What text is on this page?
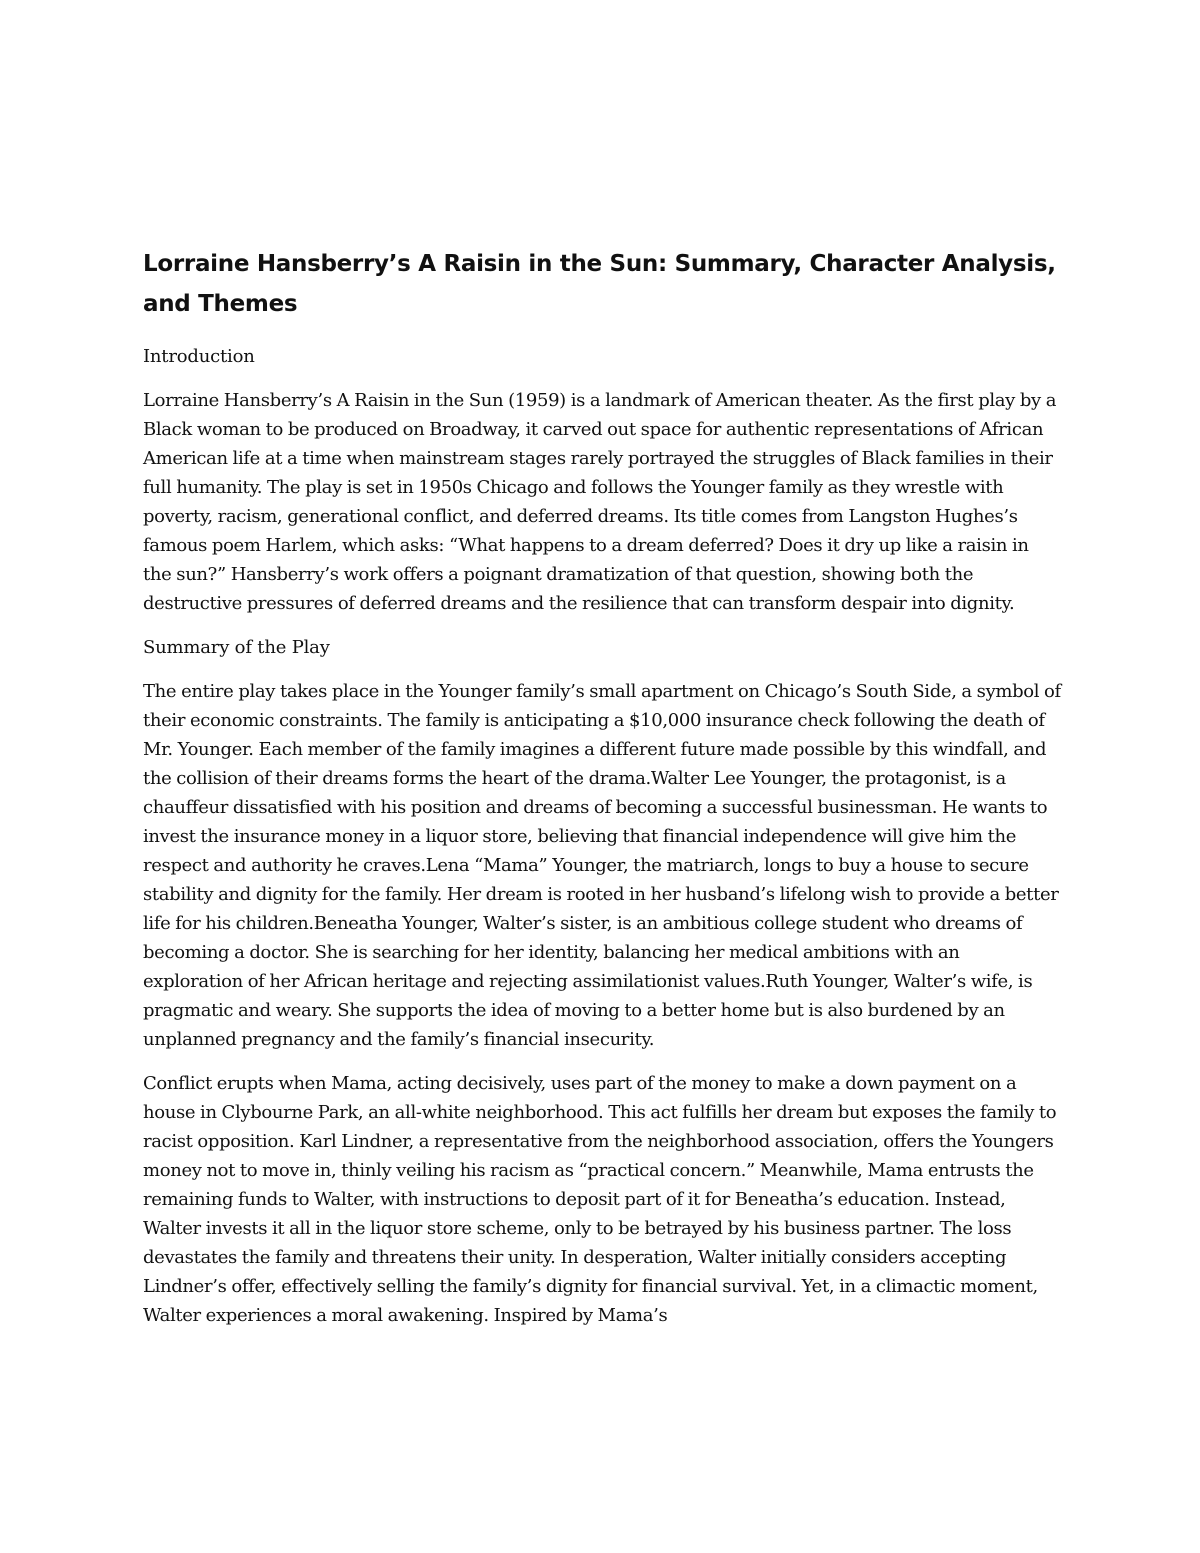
Lorraine Hansberry’s A Raisin in the Sun: Summary, Character Analysis, and Themes

Introduction

Lorraine Hansberry’s A Raisin in the Sun (1959) is a landmark of American theater. As the first play by a Black woman to be produced on Broadway, it carved out space for authentic representations of African American life at a time when mainstream stages rarely portrayed the struggles of Black families in their full humanity. The play is set in 1950s Chicago and follows the Younger family as they wrestle with poverty, racism, generational conflict, and deferred dreams. Its title comes from Langston Hughes’s famous poem Harlem, which asks: “What happens to a dream deferred? Does it dry up like a raisin in the sun?” Hansberry’s work offers a poignant dramatization of that question, showing both the destructive pressures of deferred dreams and the resilience that can transform despair into dignity.

Summary of the Play

The entire play takes place in the Younger family’s small apartment on Chicago’s South Side, a symbol of their economic constraints. The family is anticipating a $10,000 insurance check following the death of Mr. Younger. Each member of the family imagines a different future made possible by this windfall, and the collision of their dreams forms the heart of the drama.Walter Lee Younger, the protagonist, is a chauffeur dissatisfied with his position and dreams of becoming a successful businessman. He wants to invest the insurance money in a liquor store, believing that financial independence will give him the respect and authority he craves.Lena “Mama” Younger, the matriarch, longs to buy a house to secure stability and dignity for the family. Her dream is rooted in her husband’s lifelong wish to provide a better life for his children.Beneatha Younger, Walter’s sister, is an ambitious college student who dreams of becoming a doctor. She is searching for her identity, balancing her medical ambitions with an exploration of her African heritage and rejecting assimilationist values.Ruth Younger, Walter’s wife, is pragmatic and weary. She supports the idea of moving to a better home but is also burdened by an unplanned pregnancy and the family’s financial insecurity.

Conflict erupts when Mama, acting decisively, uses part of the money to make a down payment on a house in Clybourne Park, an all-white neighborhood. This act fulfills her dream but exposes the family to racist opposition. Karl Lindner, a representative from the neighborhood association, offers the Youngers money not to move in, thinly veiling his racism as “practical concern.” Meanwhile, Mama entrusts the remaining funds to Walter, with instructions to deposit part of it for Beneatha’s education. Instead, Walter invests it all in the liquor store scheme, only to be betrayed by his business partner. The loss devastates the family and threatens their unity. In desperation, Walter initially considers accepting Lindner’s offer, effectively selling the family’s dignity for financial survival. Yet, in a climactic moment, Walter experiences a moral awakening. Inspired by Mama’s
